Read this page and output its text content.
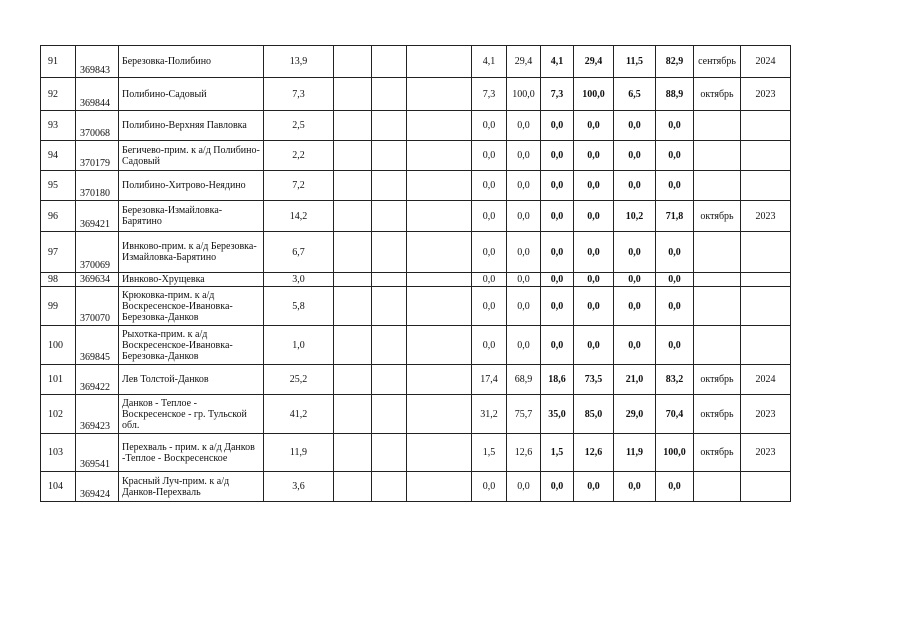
91	369843	Березовка-Полибино	13,9				4,1	29,4	4,1	29,4	11,5	82,9	сентябрь	2024
92	369844	Полибино-Садовый	7,3				7,3	100,0	7,3	100,0	6,5	88,9	октябрь	2023
93	370068	Полибино-Верхняя Павловка	2,5				0,0	0,0	0,0	0,0	0,0	0,0		
94	370179	Бегичево-прим. к а/д Полибино-Садовый	2,2				0,0	0,0	0,0	0,0	0,0	0,0		
95	370180	Полибино-Хитрово-Неядино	7,2				0,0	0,0	0,0	0,0	0,0	0,0		
96	369421	Березовка-Измайловка-Барятино	14,2				0,0	0,0	0,0	0,0	10,2	71,8	октябрь	2023
97	370069	Ивнково-прим. к а/д Березовка-Измайловка-Барятино	6,7				0,0	0,0	0,0	0,0	0,0	0,0		
98	369634	Ивнково-Хрущевка	3,0				0,0	0,0	0,0	0,0	0,0	0,0		
99	370070	Крюковка-прим. к а/д Воскресенское-Ивановка-Березовка-Данков	5,8				0,0	0,0	0,0	0,0	0,0	0,0		
100	369845	Рыхотка-прим. к а/д Воскресенское-Ивановка-Березовка-Данков	1,0				0,0	0,0	0,0	0,0	0,0	0,0		
101	369422	Лев Толстой-Данков	25,2				17,4	68,9	18,6	73,5	21,0	83,2	октябрь	2024
102	369423	Данков - Теплое - Воскресенское - гр. Тульской обл.	41,2				31,2	75,7	35,0	85,0	29,0	70,4	октябрь	2023
103	369541	Перехваль - прим. к а/д Данков -Теплое - Воскресенское	11,9				1,5	12,6	1,5	12,6	11,9	100,0	октябрь	2023
104	369424	Красный Луч-прим. к а/д Данков-Перехваль	3,6				0,0	0,0	0,0	0,0	0,0	0,0		
